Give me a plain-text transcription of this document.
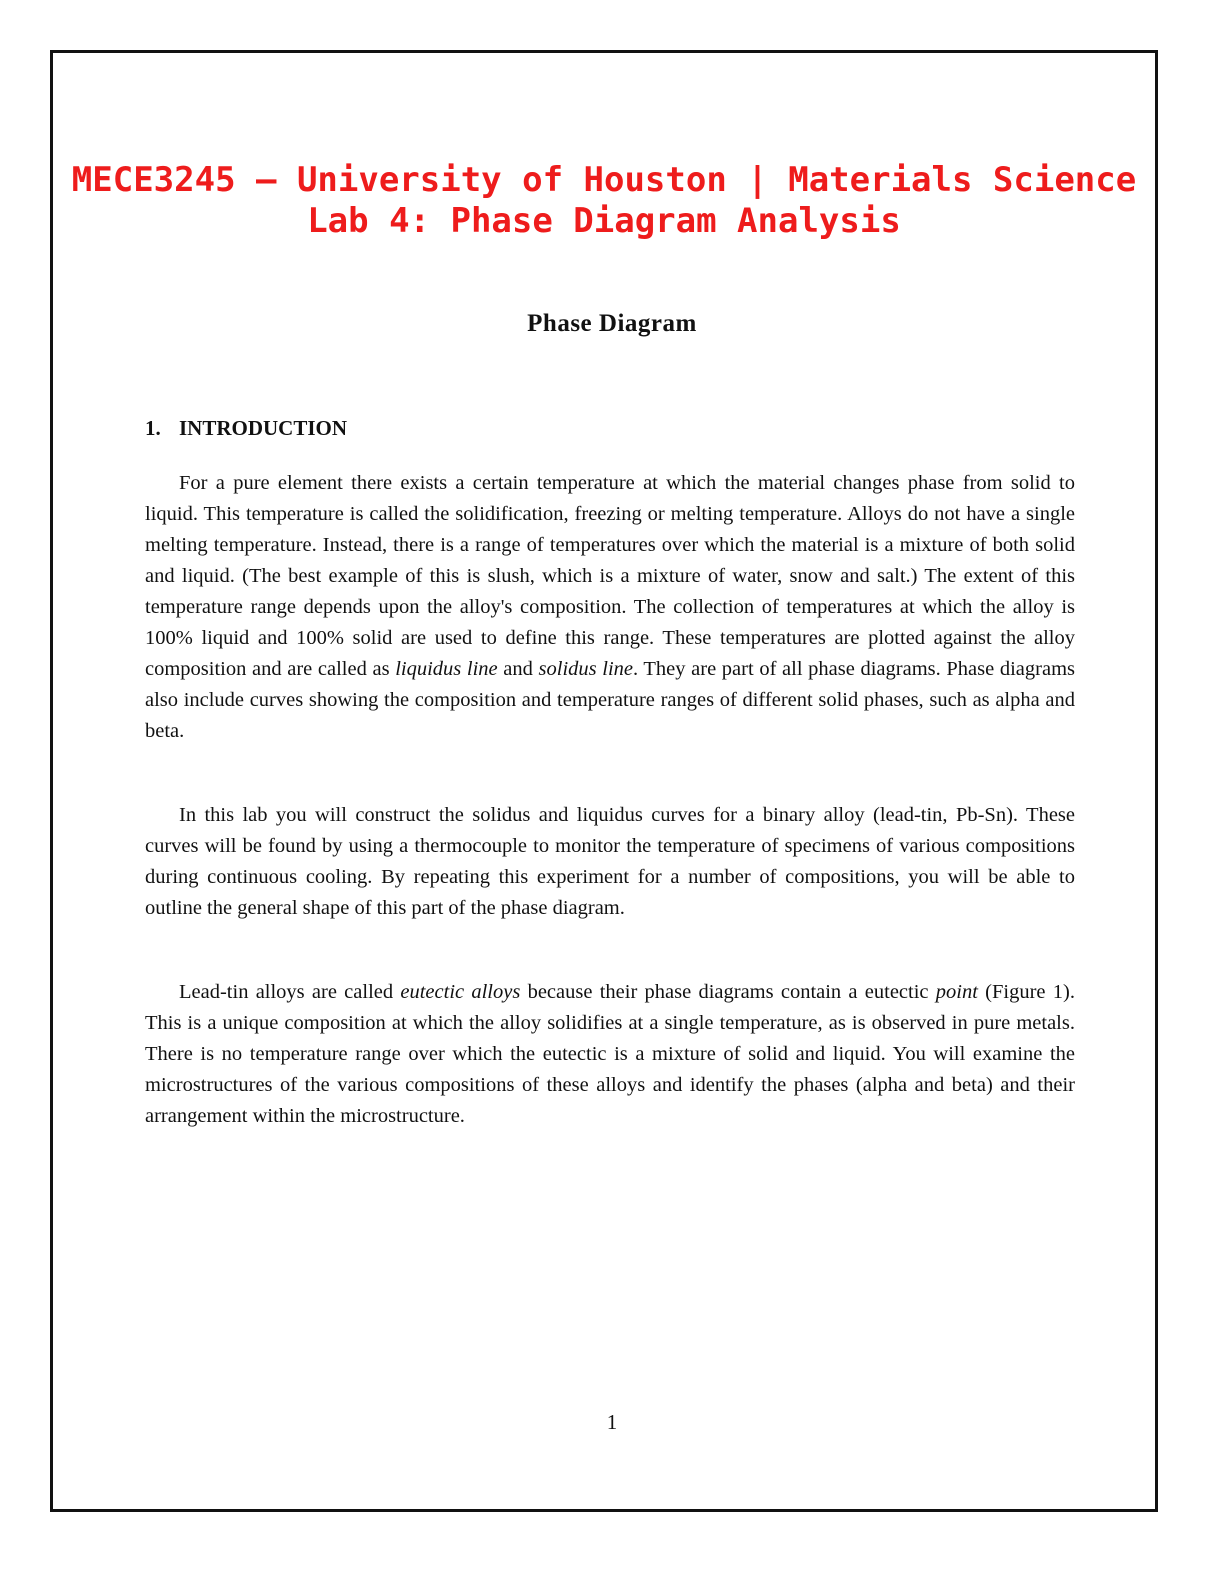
MECE3245 – University of Houston | Materials Science
Lab 4: Phase Diagram Analysis
Phase Diagram
1. INTRODUCTION

For a pure element there exists a certain temperature at which the material changes phase from solid to liquid. This temperature is called the solidification, freezing or melting temperature. Alloys do not have a single melting temperature. Instead, there is a range of temperatures over which the material is a mixture of both solid and liquid. (The best example of this is slush, which is a mixture of water, snow and salt.) The extent of this temperature range depends upon the alloy's composition. The collection of temperatures at which the alloy is 100% liquid and 100% solid are used to define this range. These temperatures are plotted against the alloy composition and are called as liquidus line and solidus line. They are part of all phase diagrams. Phase diagrams also include curves showing the composition and temperature ranges of different solid phases, such as alpha and beta.

In this lab you will construct the solidus and liquidus curves for a binary alloy (lead-tin, Pb-Sn). These curves will be found by using a thermocouple to monitor the temperature of specimens of various compositions during continuous cooling. By repeating this experiment for a number of compositions, you will be able to outline the general shape of this part of the phase diagram.

Lead-tin alloys are called eutectic alloys because their phase diagrams contain a eutectic point (Figure 1). This is a unique composition at which the alloy solidifies at a single temperature, as is observed in pure metals. There is no temperature range over which the eutectic is a mixture of solid and liquid. You will examine the microstructures of the various compositions of these alloys and identify the phases (alpha and beta) and their arrangement within the microstructure.

1
